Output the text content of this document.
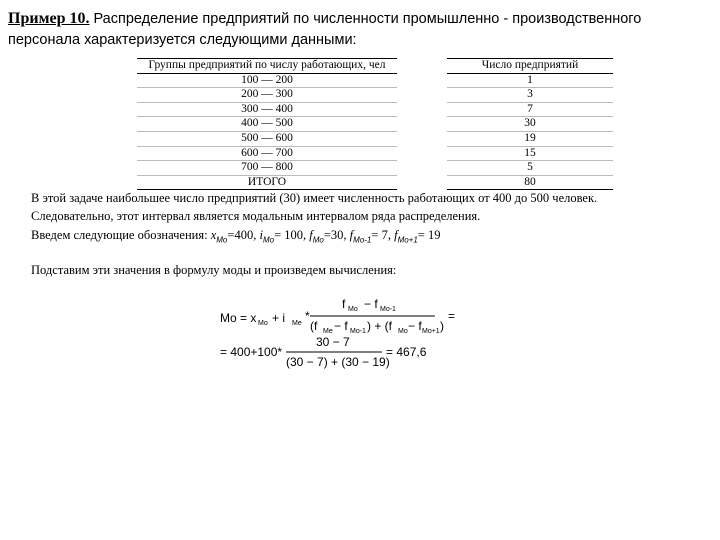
Пример 10. Распределение предприятий по численности промышленно - производственного персонала характеризуется следующими данными:
Группы предприятий по числу работающих, чел		Число предприятий
100 — 200		1
200 — 300		3
300 — 400		7
400 — 500		30
500 — 600		19
600 — 700		15
700 — 800		5
ИТОГО		80
В этой задаче наибольшее число предприятий (30) имеет численность работающих от 400 до 500 человек.
Следовательно, этот интервал является модальным интервалом ряда распределения.
Введем следующие обозначения: $x_{Mo}=400$, $i_{Mo}= 100$, $f_{Mo}=30$, $f_{Mo-1}= 7$, $f_{Mo+1}= 19$
Подставим эти значения в формулу моды и произведем вычисления:
Mo = x Mo + i Me
*
f Mo − f Mo-1
(f Me − f Mo-1 ) + (f Mo − f Mo+1 )
=
= 400+100*
30 − 7
(30 − 7) + (30 − 19)
= 467,6
